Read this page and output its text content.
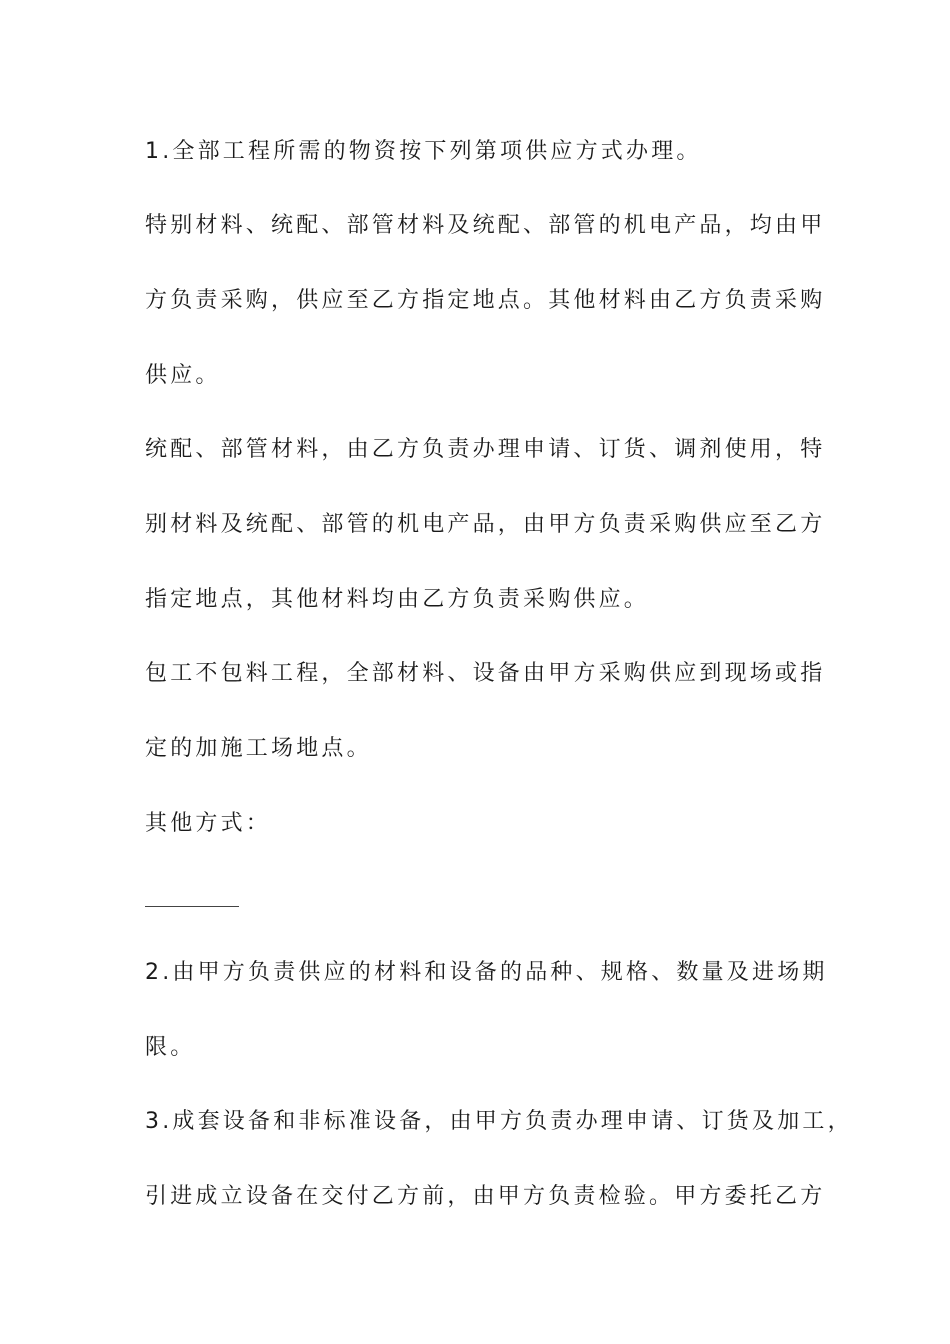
1.全部工程所需的物资按下列第项供应方式办理。
特别材料、统配、部管材料及统配、部管的机电产品，均由甲
方负责采购，供应至乙方指定地点。其他材料由乙方负责采购
供应。
统配、部管材料，由乙方负责办理申请、订货、调剂使用，特
别材料及统配、部管的机电产品，由甲方负责采购供应至乙方
指定地点，其他材料均由乙方负责采购供应。
包工不包料工程，全部材料、设备由甲方采购供应到现场或指
定的加施工场地点。
其他方式：
2.由甲方负责供应的材料和设备的品种、规格、数量及进场期
限。
3.成套设备和非标准设备，由甲方负责办理申请、订货及加工，
引进成立设备在交付乙方前，由甲方负责检验。甲方委托乙方
